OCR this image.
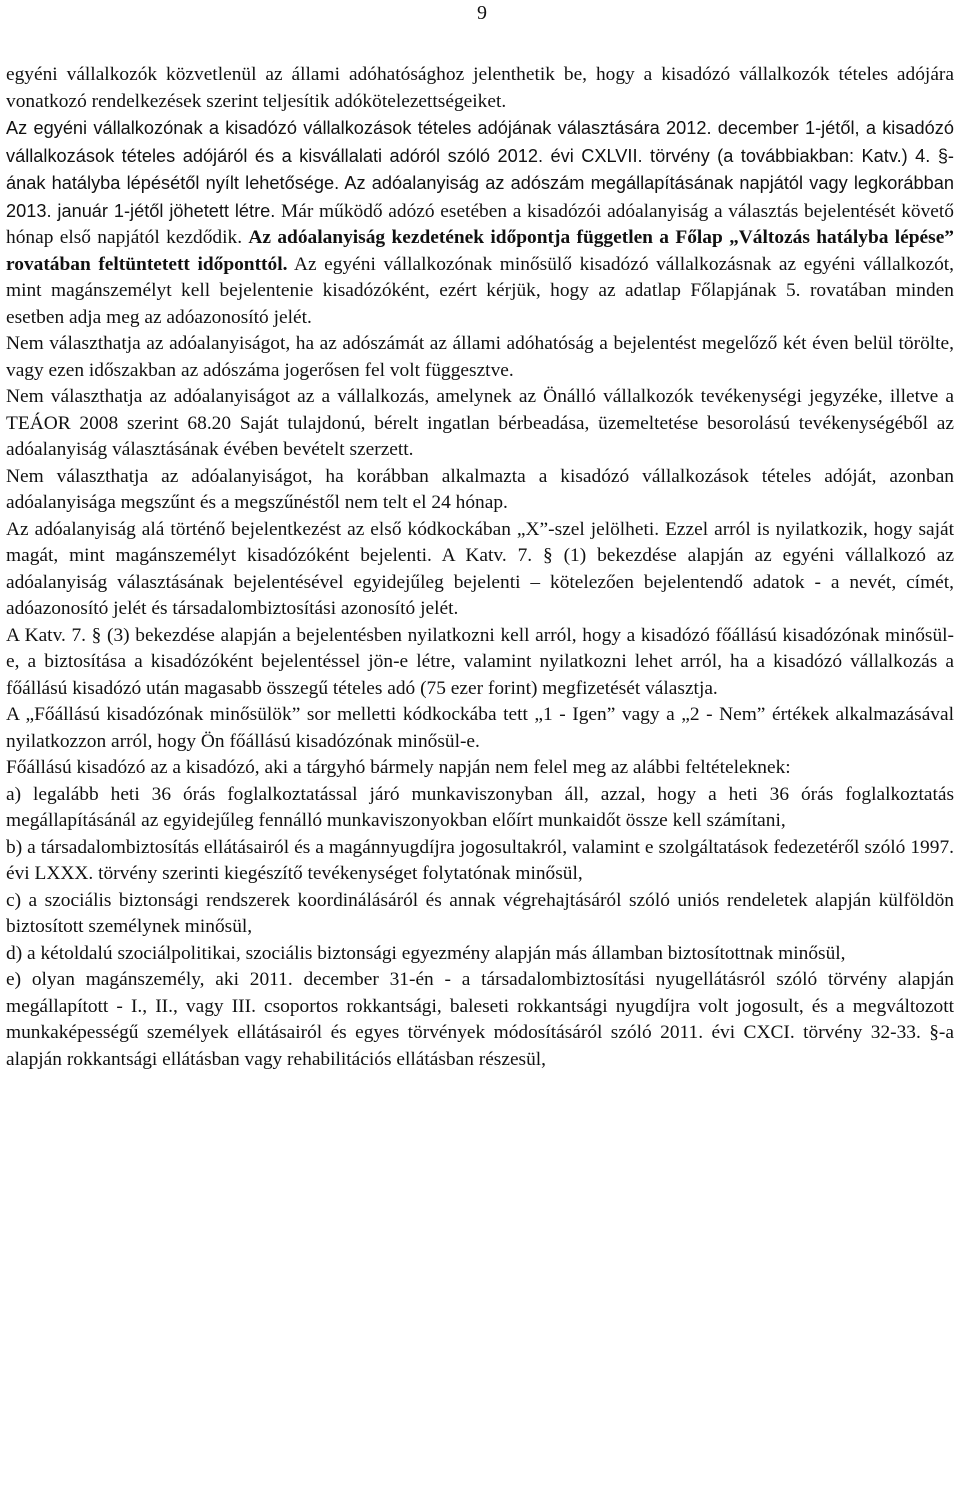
9

egyéni vállalkozók közvetlenül az állami adóhatósághoz jelenthetik be, hogy a kisadózó vállalkozók tételes adójára vonatkozó rendelkezések szerint teljesítik adókötelezettségeiket.

Az egyéni vállalkozónak a kisadózó vállalkozások tételes adójának választására 2012. december 1-jétől, a kisadózó vállalkozások tételes adójáról és a kisvállalati adóról szóló 2012. évi CXLVII. törvény (a továbbiakban: Katv.) 4. §-ának hatályba lépésétől nyílt lehetősége. Az adóalanyiság az adószám megállapításának napjától vagy legkorábban 2013. január 1-jétől jöhetett létre. Már működő adózó esetében a kisadózói adóalanyiság a választás bejelentését követő hónap első napjától kezdődik. Az adóalanyiság kezdetének időpontja független a Főlap „Változás hatályba lépése” rovatában feltüntetett időponttól. Az egyéni vállalkozónak minősülő kisadózó vállalkozásnak az egyéni vállalkozót, mint magánszemélyt kell bejelentenie kisadózóként, ezért kérjük, hogy az adatlap Főlapjának 5. rovatában minden esetben adja meg az adóazonosító jelét.

Nem választhatja az adóalanyiságot, ha az adószámát az állami adóhatóság a bejelentést megelőző két éven belül törölte, vagy ezen időszakban az adószáma jogerősen fel volt függesztve.

Nem választhatja az adóalanyiságot az a vállalkozás, amelynek az Önálló vállalkozók tevékenységi jegyzéke, illetve a TEÁOR 2008 szerint 68.20 Saját tulajdonú, bérelt ingatlan bérbeadása, üzemeltetése besorolású tevékenységéből az adóalanyiság választásának évében bevételt szerzett.

Nem választhatja az adóalanyiságot, ha korábban alkalmazta a kisadózó vállalkozások tételes adóját, azonban adóalanyisága megszűnt és a megszűnéstől nem telt el 24 hónap.

Az adóalanyiság alá történő bejelentkezést az első kódkockában „X”-szel jelölheti. Ezzel arról is nyilatkozik, hogy saját magát, mint magánszemélyt kisadózóként bejelenti. A Katv. 7. § (1) bekezdése alapján az egyéni vállalkozó az adóalanyiság választásának bejelentésével egyidejűleg bejelenti – kötelezően bejelentendő adatok - a nevét, címét, adóazonosító jelét és társadalombiztosítási azonosító jelét.

A Katv. 7. § (3) bekezdése alapján a bejelentésben nyilatkozni kell arról, hogy a kisadózó főállású kisadózónak minősül-e, a biztosítása a kisadózóként bejelentéssel jön-e létre, valamint nyilatkozni lehet arról, ha a kisadózó vállalkozás a főállású kisadózó után magasabb összegű tételes adó (75 ezer forint) megfizetését választja.

A „Főállású kisadózónak minősülök” sor melletti kódkockába tett „1 - Igen” vagy a „2 - Nem” értékek alkalmazásával nyilatkozzon arról, hogy Ön főállású kisadózónak minősül-e.

Főállású kisadózó az a kisadózó, aki a tárgyhó bármely napján nem felel meg az alábbi feltételeknek:

a) legalább heti 36 órás foglalkoztatással járó munkaviszonyban áll, azzal, hogy a heti 36 órás foglalkoztatás megállapításánál az egyidejűleg fennálló munkaviszonyokban előírt munkaidőt össze kell számítani,

b) a társadalombiztosítás ellátásairól és a magánnyugdíjra jogosultakról, valamint e szolgáltatások fedezetéről szóló 1997. évi LXXX. törvény szerinti kiegészítő tevékenységet folytatónak minősül,

c) a szociális biztonsági rendszerek koordinálásáról és annak végrehajtásáról szóló uniós rendeletek alapján külföldön biztosított személynek minősül,

d) a kétoldalú szociálpolitikai, szociális biztonsági egyezmény alapján más államban biztosítottnak minősül,

e) olyan magánszemély, aki 2011. december 31-én - a társadalombiztosítási nyugellátásról szóló törvény alapján megállapított - I., II., vagy III. csoportos rokkantsági, baleseti rokkantsági nyugdíjra volt jogosult, és a megváltozott munkaképességű személyek ellátásairól és egyes törvények módosításáról szóló 2011. évi CXCI. törvény 32-33. §-a alapján rokkantsági ellátásban vagy rehabilitációs ellátásban részesül,
